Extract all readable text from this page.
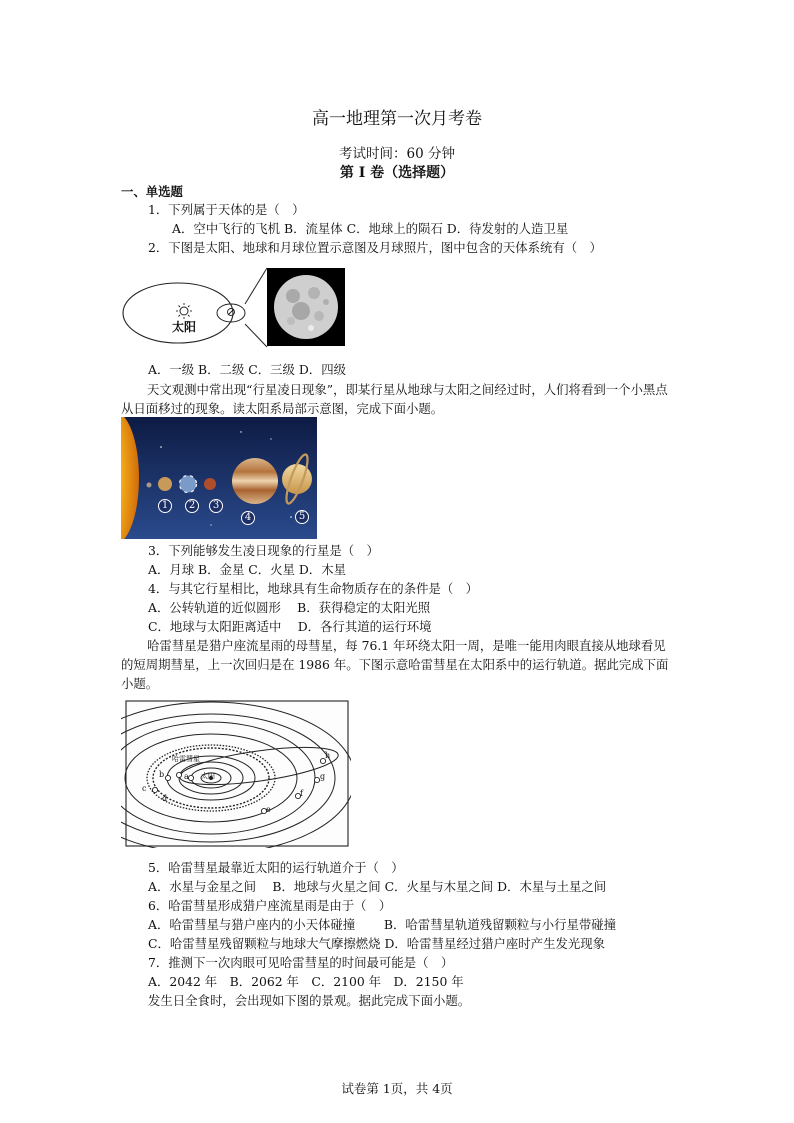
高一地理第一次月考卷
考试时间：60 分钟
第 I 卷（选择题）
一、单选题
1．下列属于天体的是（　）
A．空中飞行的飞机 B．流星体 C．地球上的陨石 D．待发射的人造卫星
2．下图是太阳、地球和月球位置示意图及月球照片，图中包含的天体系统有（　）
太阳
A．一级 B．二级 C．三级 D．四级
天文观测中常出现“行星凌日现象”，即某行星从地球与太阳之间经过时，人们将看到一个小黑点从日面移过的现象。读太阳系局部示意图，完成下面小题。
1 2 3
4	5
3．下列能够发生凌日现象的行星是（　）
A．月球 B．金星 C．火星 D．木星
4．与其它行星相比，地球具有生命物质存在的条件是（　）
A．公转轨道的近似圆形　 B．获得稳定的太阳光照
C．地球与太阳距离适中　 D．各行其道的运行环境
哈雷彗星是猎户座流星雨的母彗星，每 76.1 年环绕太阳一周，是唯一能用肉眼直接从地球看见的短周期彗星，上一次回归是在 1986 年。下图示意哈雷彗星在太阳系中的运行轨道。据此完成下面小题。
哈雷彗星
太阳
a
b
c
d
e
f
g
h
5．哈雷彗星最靠近太阳的运行轨道介于（　）
A．水星与金星之间　 B．地球与火星之间 C．火星与木星之间 D．木星与土星之间
6．哈雷彗星形成猎户座流星雨是由于（　）
A．哈雷彗星与猎户座内的小天体碰撞　　 B．哈雷彗星轨道残留颗粒与小行星带碰撞
C．哈雷彗星残留颗粒与地球大气摩擦燃烧 D．哈雷彗星经过猎户座时产生发光现象
7．推测下一次肉眼可见哈雷彗星的时间最可能是（　）
A．2042 年　B．2062 年　C．2100 年　D．2150 年
发生日全食时，会出现如下图的景观。据此完成下面小题。
试卷第 1页，共 4页
